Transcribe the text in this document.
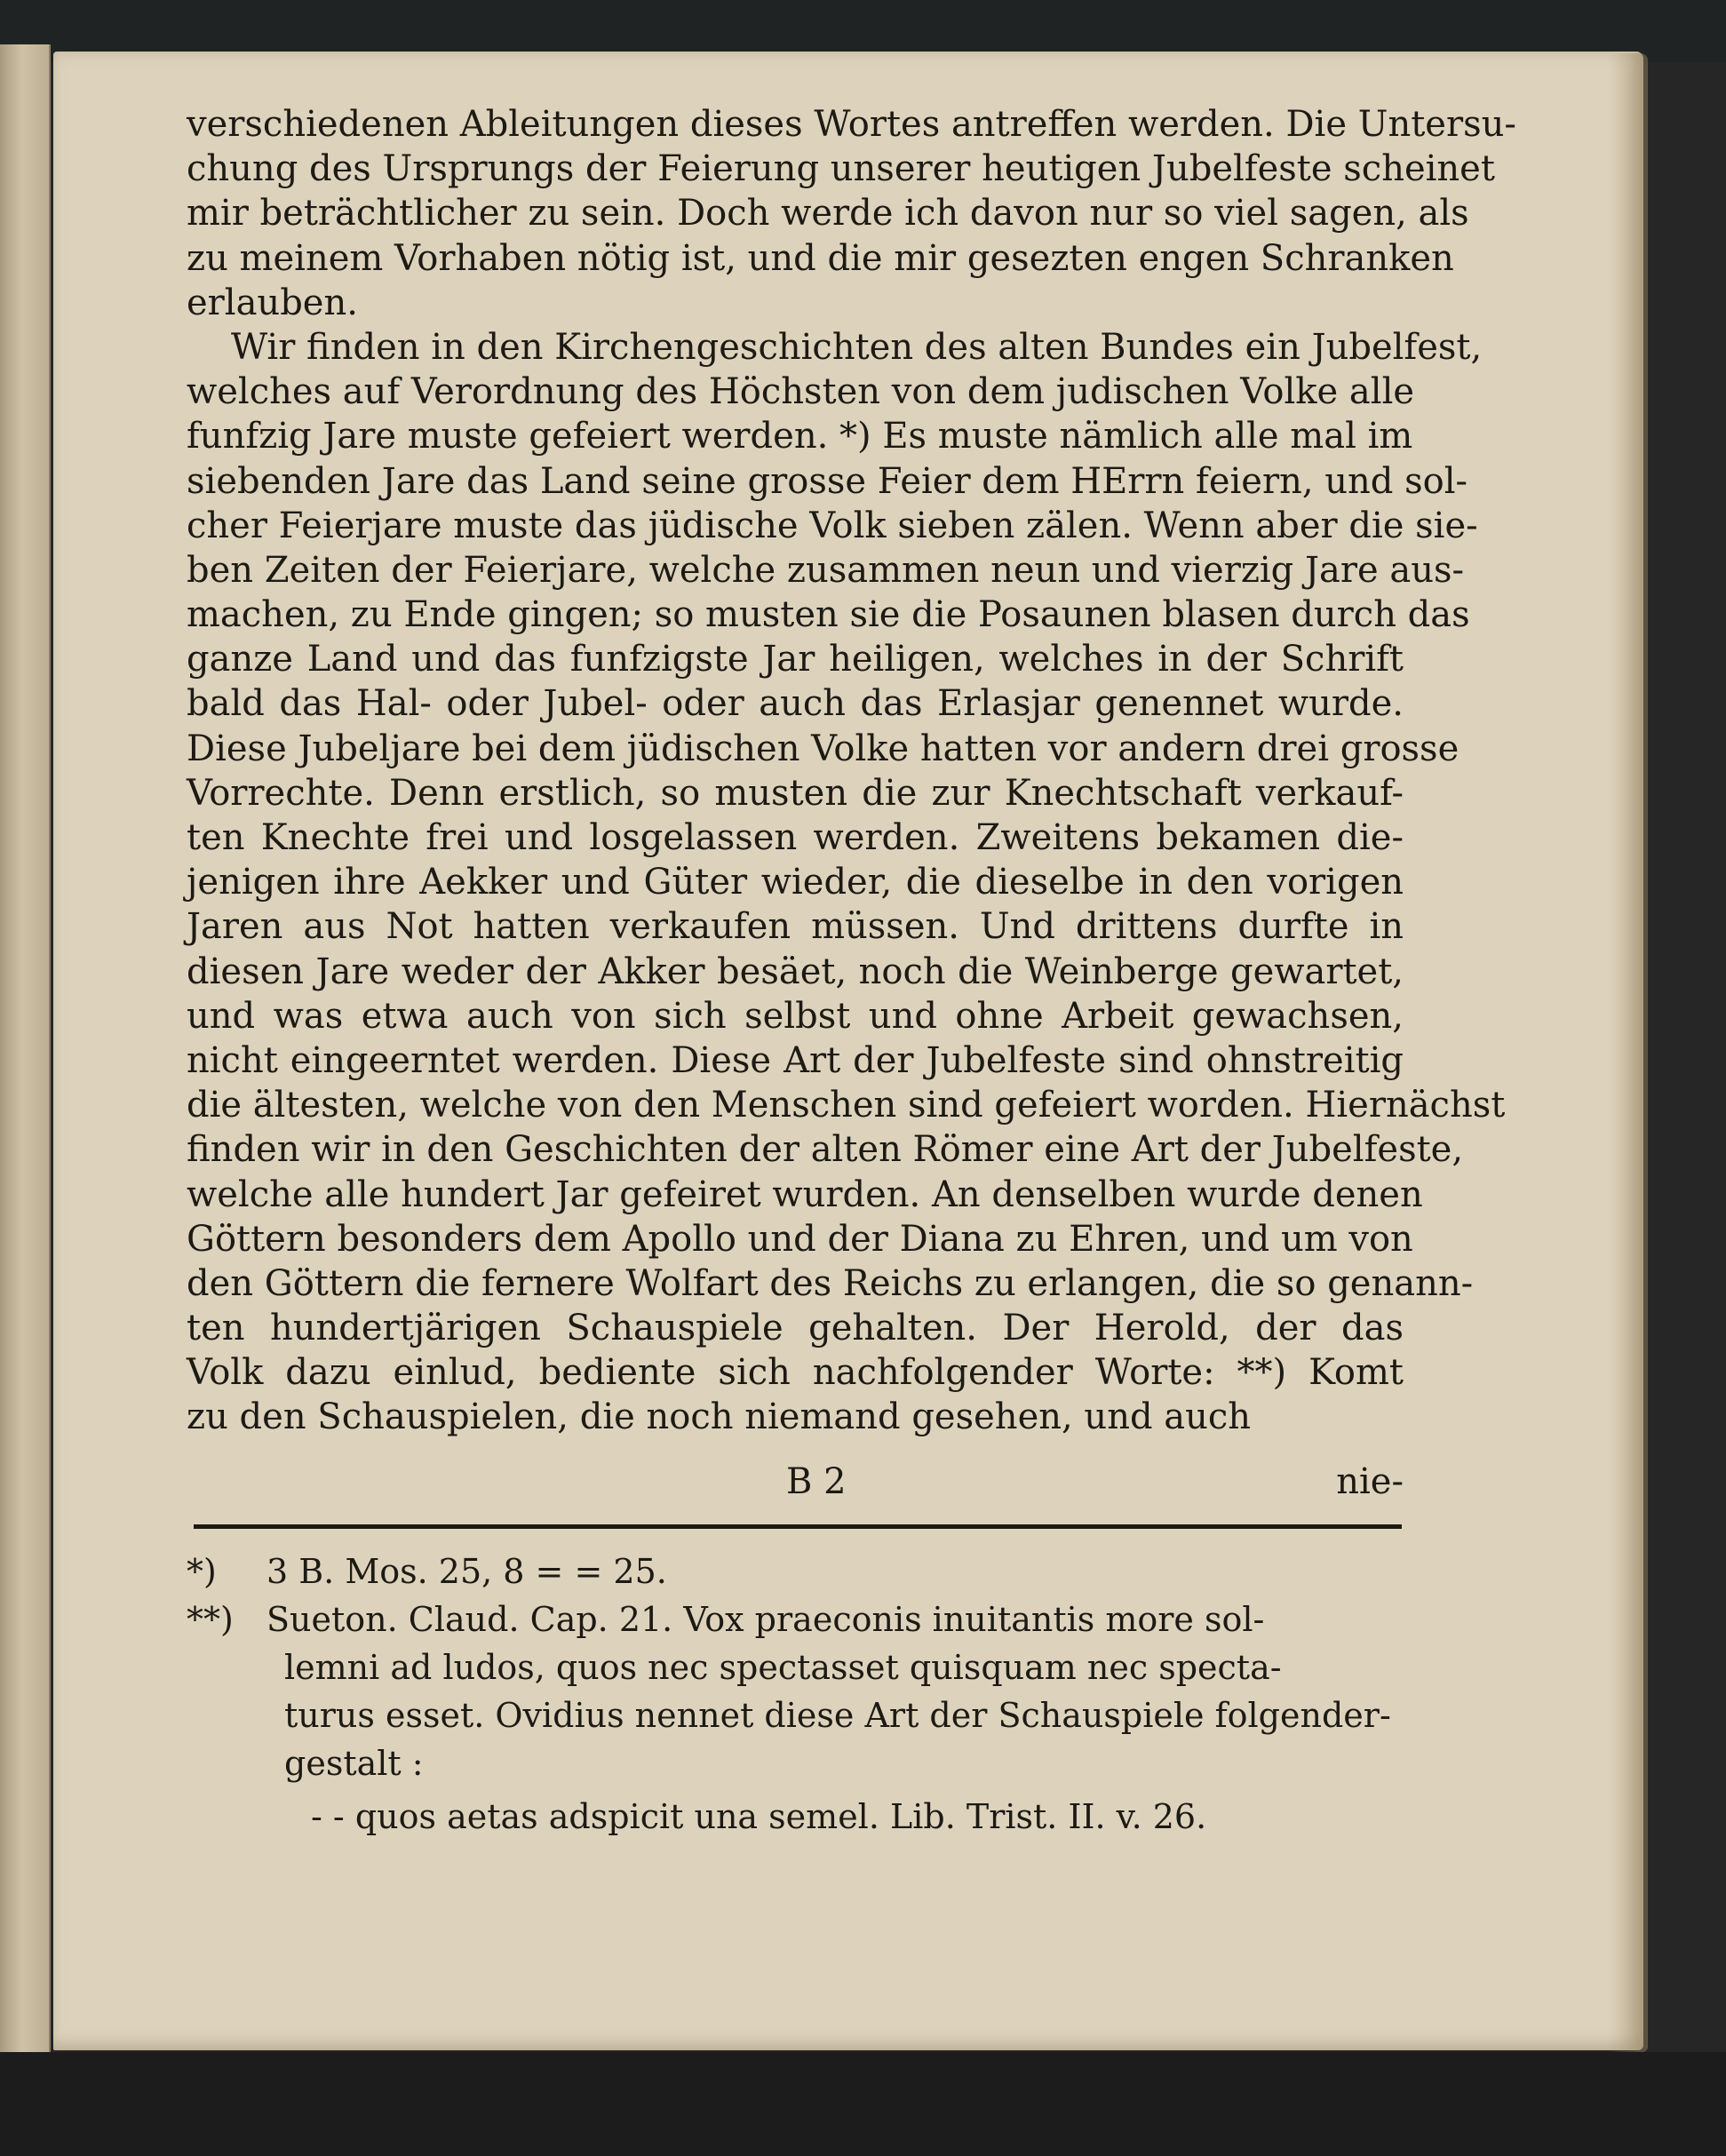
verschiedenen Ableitungen dieses Wortes antreffen werden. Die Untersu-
chung des Ursprungs der Feierung unserer heutigen Jubelfeste scheinet
mir beträchtlicher zu sein. Doch werde ich davon nur so viel sagen, als
zu meinem Vorhaben nötig ist, und die mir gesezten engen Schranken
erlauben.
Wir finden in den Kirchengeschichten des alten Bundes ein Jubelfest,
welches auf Verordnung des Höchsten von dem judischen Volke alle
funfzig Jare muste gefeiert werden. *) Es muste nämlich alle mal im
siebenden Jare das Land seine grosse Feier dem HErrn feiern, und sol-
cher Feierjare muste das jüdische Volk sieben zälen. Wenn aber die sie-
ben Zeiten der Feierjare, welche zusammen neun und vierzig Jare aus-
machen, zu Ende gingen; so musten sie die Posaunen blasen durch das
ganze Land und das funfzigste Jar heiligen, welches in der Schrift
bald das Hal- oder Jubel- oder auch das Erlasjar genennet wurde.
Diese Jubeljare bei dem jüdischen Volke hatten vor andern drei grosse
Vorrechte. Denn erstlich, so musten die zur Knechtschaft verkauf-
ten Knechte frei und losgelassen werden. Zweitens bekamen die-
jenigen ihre Aekker und Güter wieder, die dieselbe in den vorigen
Jaren aus Not hatten verkaufen müssen. Und drittens durfte in
diesen Jare weder der Akker besäet, noch die Weinberge gewartet,
und was etwa auch von sich selbst und ohne Arbeit gewachsen,
nicht eingeerntet werden. Diese Art der Jubelfeste sind ohnstreitig
die ältesten, welche von den Menschen sind gefeiert worden. Hiernächst
finden wir in den Geschichten der alten Römer eine Art der Jubelfeste,
welche alle hundert Jar gefeiret wurden. An denselben wurde denen
Göttern besonders dem Apollo und der Diana zu Ehren, und um von
den Göttern die fernere Wolfart des Reichs zu erlangen, die so genann-
ten hundertjärigen Schauspiele gehalten. Der Herold, der das
Volk dazu einlud, bediente sich nachfolgender Worte: **) Komt
zu den Schauspielen, die noch niemand gesehen, und auch
B 2	nie-
*) 3 B. Mos. 25, 8 = = 25.
**) Sueton. Claud. Cap. 21. Vox praeconis inuitantis more sol-
lemni ad ludos, quos nec spectasset quisquam nec specta-
turus esset. Ovidius nennet diese Art der Schauspiele folgender-
gestalt :
- - quos aetas adspicit una semel. Lib. Trist. II. v. 26.
